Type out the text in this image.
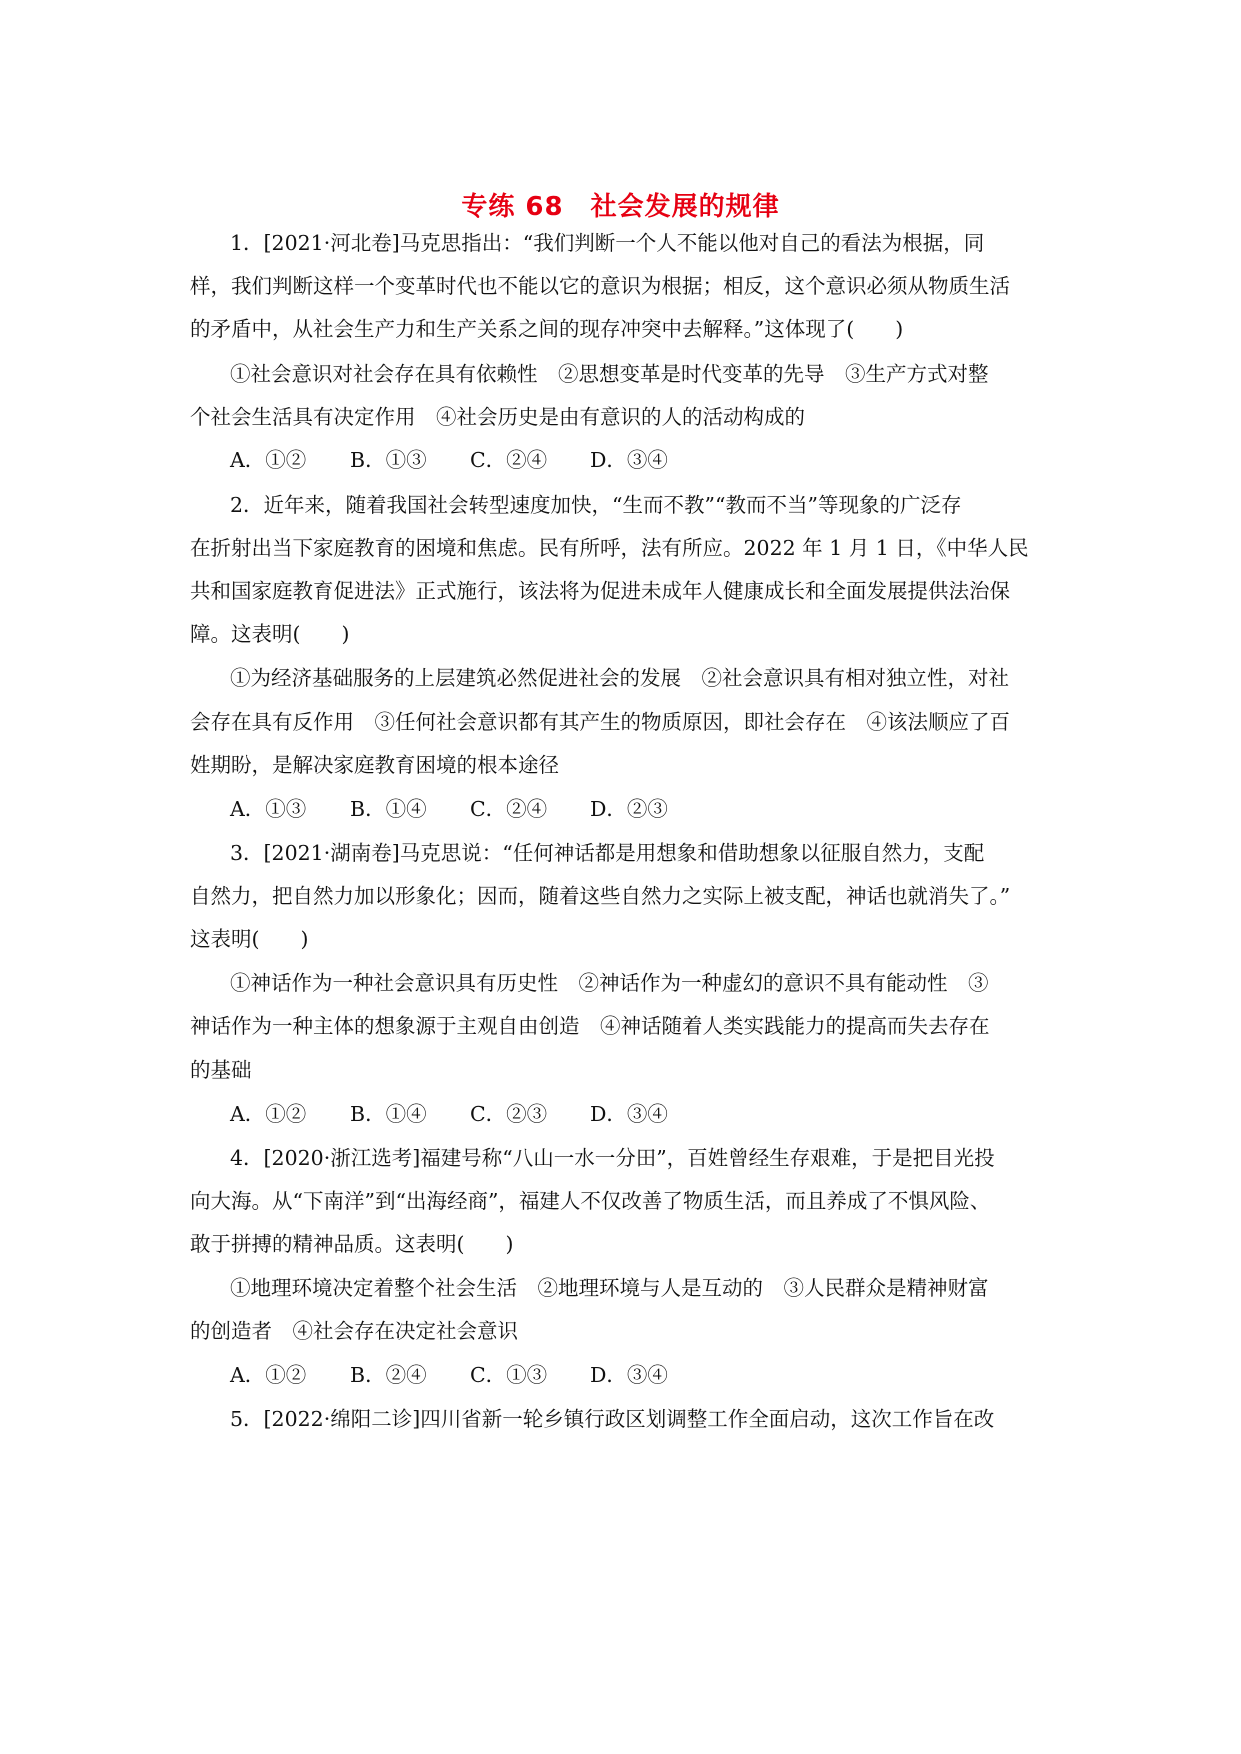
专练 68　社会发展的规律
1．[2021·河北卷]马克思指出：“我们判断一个人不能以他对自己的看法为根据，同
样，我们判断这样一个变革时代也不能以它的意识为根据；相反，这个意识必须从物质生活
的矛盾中，从社会生产力和生产关系之间的现存冲突中去解释。”这体现了(　　)
①社会意识对社会存在具有依赖性　②思想变革是时代变革的先导　③生产方式对整
个社会生活具有决定作用　④社会历史是由有意识的人的活动构成的
A．①② B．①③ C．②④ D．③④
2．近年来，随着我国社会转型速度加快，“生而不教”“教而不当”等现象的广泛存
在折射出当下家庭教育的困境和焦虑。民有所呼，法有所应。2022 年 1 月 1 日，《中华人民
共和国家庭教育促进法》正式施行，该法将为促进未成年人健康成长和全面发展提供法治保
障。这表明(　　)
①为经济基础服务的上层建筑必然促进社会的发展　②社会意识具有相对独立性，对社
会存在具有反作用　③任何社会意识都有其产生的物质原因，即社会存在　④该法顺应了百
姓期盼，是解决家庭教育困境的根本途径
A．①③ B．①④ C．②④ D．②③
3．[2021·湖南卷]马克思说：“任何神话都是用想象和借助想象以征服自然力，支配
自然力，把自然力加以形象化；因而，随着这些自然力之实际上被支配，神话也就消失了。”
这表明(　　)
①神话作为一种社会意识具有历史性　②神话作为一种虚幻的意识不具有能动性　③
神话作为一种主体的想象源于主观自由创造　④神话随着人类实践能力的提高而失去存在
的基础
A．①② B．①④ C．②③ D．③④
4．[2020·浙江选考]福建号称“八山一水一分田”，百姓曾经生存艰难，于是把目光投
向大海。从“下南洋”到“出海经商”，福建人不仅改善了物质生活，而且养成了不惧风险、
敢于拼搏的精神品质。这表明(　　)
①地理环境决定着整个社会生活　②地理环境与人是互动的　③人民群众是精神财富
的创造者　④社会存在决定社会意识
A．①② B．②④ C．①③ D．③④
5．[2022·绵阳二诊]四川省新一轮乡镇行政区划调整工作全面启动，这次工作旨在改
